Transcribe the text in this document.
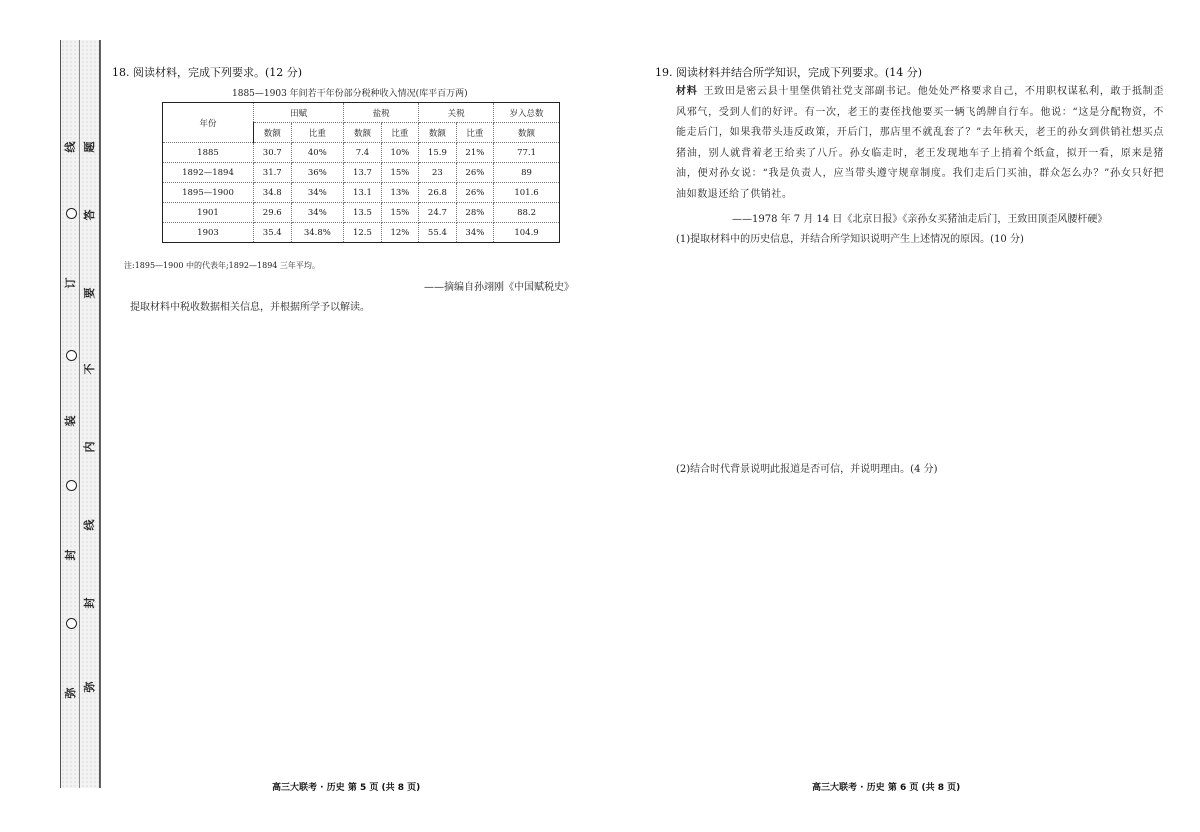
线
订
装
封
弥
题
答
要
不
内
线
封
弥
18. 阅读材料，完成下列要求。(12 分)
1885—1903 年间若干年份部分税种收入情况(库平百万两)
年份	田赋		盐税		关税		岁入总数
	数额	比重	数额	比重	数额	比重	数额
1885	30.7	40%	7.4	10%	15.9	21%	77.1
1892—1894	31.7	36%	13.7	15%	23	26%	89
1895—1900	34.8	34%	13.1	13%	26.8	26%	101.6
1901	29.6	34%	13.5	15%	24.7	28%	88.2
1903	35.4	34.8%	12.5	12%	55.4	34%	104.9
注:1895—1900 中的代表年;1892—1894 三年平均。
——摘编自孙翊刚《中国赋税史》
提取材料中税收数据相关信息，并根据所学予以解读。
19. 阅读材料并结合所学知识，完成下列要求。(14 分)
材料 王致田是密云县十里堡供销社党支部副书记。他处处严格要求自己，不用职权谋私利，敢于抵制歪风邪气，受到人们的好评。有一次，老王的妻侄找他要买一辆飞鸽牌自行车。他说：“这是分配物资，不能走后门，如果我带头违反政策，开后门，那店里不就乱套了？”去年秋天，老王的孙女到供销社想买点猪油，别人就背着老王给卖了八斤。孙女临走时，老王发现地车子上捎着个纸盒，拟开一看，原来是猪油，便对孙女说：“我是负责人，应当带头遵守规章制度。我们走后门买油，群众怎么办？”孙女只好把油如数退还给了供销社。
——1978 年 7 月 14 日《北京日报》《亲孙女买猪油走后门，王致田顶歪风腰杆硬》
(1)提取材料中的历史信息，并结合所学知识说明产生上述情况的原因。(10 分)
(2)结合时代背景说明此报道是否可信，并说明理由。(4 分)
高三大联考 · 历史 第 5 页 (共 8 页)	高三大联考 · 历史 第 6 页 (共 8 页)
